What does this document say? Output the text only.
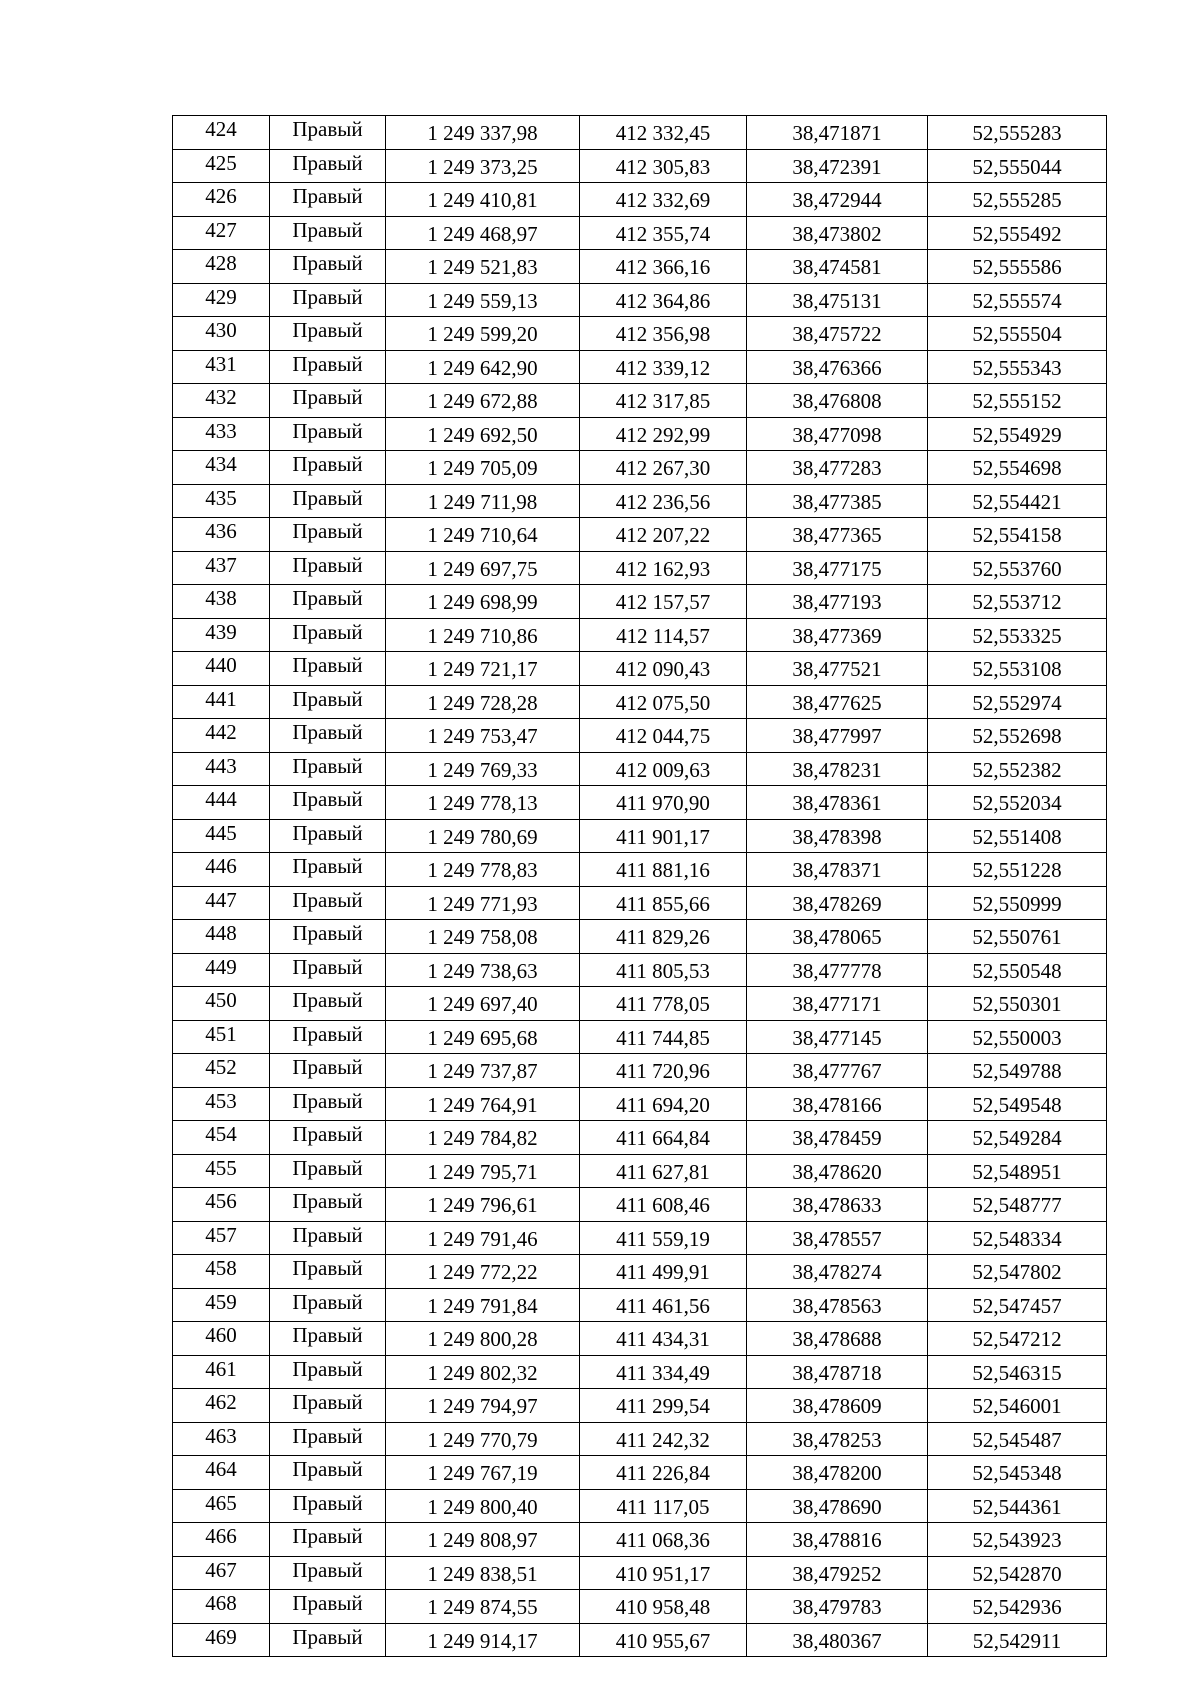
424	Правый	1 249 337,98	412 332,45	38,471871	52,555283
425	Правый	1 249 373,25	412 305,83	38,472391	52,555044
426	Правый	1 249 410,81	412 332,69	38,472944	52,555285
427	Правый	1 249 468,97	412 355,74	38,473802	52,555492
428	Правый	1 249 521,83	412 366,16	38,474581	52,555586
429	Правый	1 249 559,13	412 364,86	38,475131	52,555574
430	Правый	1 249 599,20	412 356,98	38,475722	52,555504
431	Правый	1 249 642,90	412 339,12	38,476366	52,555343
432	Правый	1 249 672,88	412 317,85	38,476808	52,555152
433	Правый	1 249 692,50	412 292,99	38,477098	52,554929
434	Правый	1 249 705,09	412 267,30	38,477283	52,554698
435	Правый	1 249 711,98	412 236,56	38,477385	52,554421
436	Правый	1 249 710,64	412 207,22	38,477365	52,554158
437	Правый	1 249 697,75	412 162,93	38,477175	52,553760
438	Правый	1 249 698,99	412 157,57	38,477193	52,553712
439	Правый	1 249 710,86	412 114,57	38,477369	52,553325
440	Правый	1 249 721,17	412 090,43	38,477521	52,553108
441	Правый	1 249 728,28	412 075,50	38,477625	52,552974
442	Правый	1 249 753,47	412 044,75	38,477997	52,552698
443	Правый	1 249 769,33	412 009,63	38,478231	52,552382
444	Правый	1 249 778,13	411 970,90	38,478361	52,552034
445	Правый	1 249 780,69	411 901,17	38,478398	52,551408
446	Правый	1 249 778,83	411 881,16	38,478371	52,551228
447	Правый	1 249 771,93	411 855,66	38,478269	52,550999
448	Правый	1 249 758,08	411 829,26	38,478065	52,550761
449	Правый	1 249 738,63	411 805,53	38,477778	52,550548
450	Правый	1 249 697,40	411 778,05	38,477171	52,550301
451	Правый	1 249 695,68	411 744,85	38,477145	52,550003
452	Правый	1 249 737,87	411 720,96	38,477767	52,549788
453	Правый	1 249 764,91	411 694,20	38,478166	52,549548
454	Правый	1 249 784,82	411 664,84	38,478459	52,549284
455	Правый	1 249 795,71	411 627,81	38,478620	52,548951
456	Правый	1 249 796,61	411 608,46	38,478633	52,548777
457	Правый	1 249 791,46	411 559,19	38,478557	52,548334
458	Правый	1 249 772,22	411 499,91	38,478274	52,547802
459	Правый	1 249 791,84	411 461,56	38,478563	52,547457
460	Правый	1 249 800,28	411 434,31	38,478688	52,547212
461	Правый	1 249 802,32	411 334,49	38,478718	52,546315
462	Правый	1 249 794,97	411 299,54	38,478609	52,546001
463	Правый	1 249 770,79	411 242,32	38,478253	52,545487
464	Правый	1 249 767,19	411 226,84	38,478200	52,545348
465	Правый	1 249 800,40	411 117,05	38,478690	52,544361
466	Правый	1 249 808,97	411 068,36	38,478816	52,543923
467	Правый	1 249 838,51	410 951,17	38,479252	52,542870
468	Правый	1 249 874,55	410 958,48	38,479783	52,542936
469	Правый	1 249 914,17	410 955,67	38,480367	52,542911
